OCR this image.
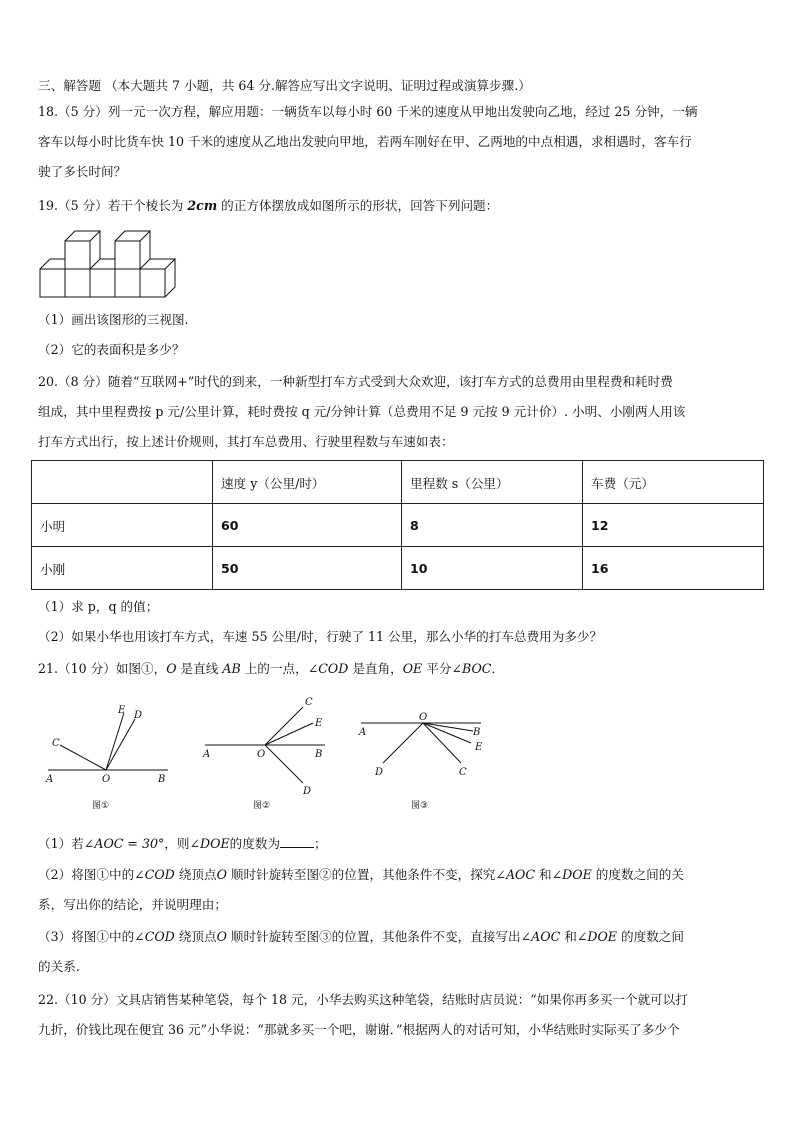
三、解答题 （本大题共 7 小题，共 64 分.解答应写出文字说明、证明过程或演算步骤.）
18.（5 分）列一元一次方程，解应用题：一辆货车以每小时 60 千米的速度从甲地出发驶向乙地，经过 25 分钟，一辆
客车以每小时比货车快 10 千米的速度从乙地出发驶向甲地，若两车刚好在甲、乙两地的中点相遇，求相遇时，客车行
驶了多长时间？
19.（5 分）若干个棱长为 2cm 的正方体摆放成如图所示的形状，回答下列问题：
（1）画出该图形的三视图.
（2）它的表面积是多少？
20.（8 分）随着“互联网+”时代的到来，一种新型打车方式受到大众欢迎，该打车方式的总费用由里程费和耗时费
组成，其中里程费按 p 元/公里计算，耗时费按 q 元/分钟计算（总费用不足 9 元按 9 元计价）. 小明、小刚两人用该
打车方式出行，按上述计价规则，其打车总费用、行驶里程数与车速如表：
	速度 y（公里/时）	里程数 s（公里）	车费（元）
小明	60	8	12
小刚	50	10	16
（1）求 p，q 的值；
（2）如果小华也用该打车方式，车速 55 公里/时，行驶了 11 公里，那么小华的打车总费用为多少？
21.（10 分）如图①，O 是直线 AB 上的一点，∠COD 是直角，OE 平分∠BOC．
A	O	B
C
E D
图①
A	O	B
C
E
D
图②
O
A	B
E
C
D
图③
（1）若∠AOC = 30°，则∠DOE的度数为	；
（2）将图①中的∠COD 绕顶点O 顺时针旋转至图②的位置，其他条件不变，探究∠AOC 和∠DOE 的度数之间的关
系，写出你的结论，并说明理由；
（3）将图①中的∠COD 绕顶点O 顺时针旋转至图③的位置，其他条件不变，直接写出∠AOC 和∠DOE 的度数之间
的关系.
22.（10 分）文具店销售某种笔袋，每个 18 元，小华去购买这种笔袋，结账时店员说：“如果你再多买一个就可以打
九折，价钱比现在便宜 36 元”小华说：“那就多买一个吧，谢谢．”根据两人的对话可知，小华结账时实际买了多少个
